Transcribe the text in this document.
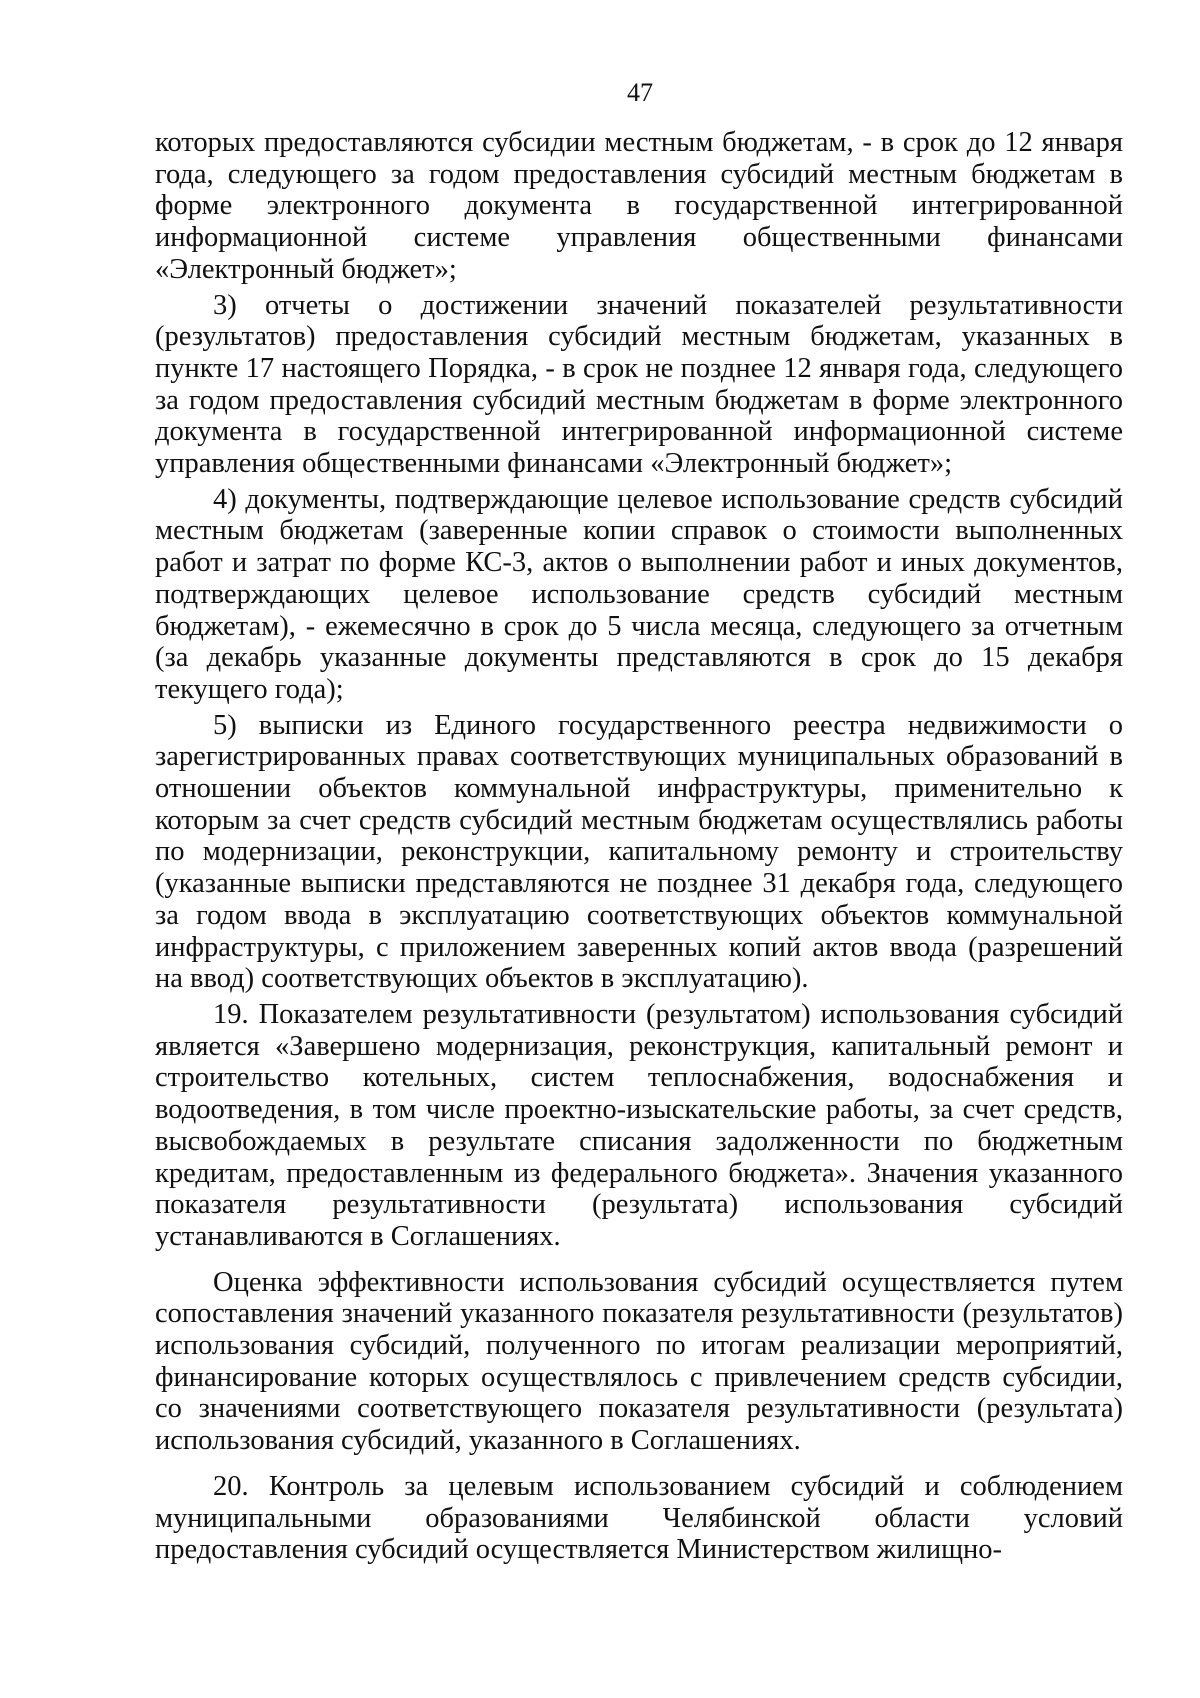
47

которых предоставляются субсидии местным бюджетам, - в срок до 12 января года, следующего за годом предоставления субсидий местным бюджетам в форме электронного документа в государственной интегрированной информационной системе управления общественными финансами «Электронный бюджет»;

3) отчеты о достижении значений показателей результативности (результатов) предоставления субсидий местным бюджетам, указанных в пункте 17 настоящего Порядка, - в срок не позднее 12 января года, следующего за годом предоставления субсидий местным бюджетам в форме электронного документа в государственной интегрированной информационной системе управления общественными финансами «Электронный бюджет»;

4) документы, подтверждающие целевое использование средств субсидий местным бюджетам (заверенные копии справок о стоимости выполненных работ и затрат по форме КС-3, актов о выполнении работ и иных документов, подтверждающих целевое использование средств субсидий местным бюджетам), - ежемесячно в срок до 5 числа месяца, следующего за отчетным (за декабрь указанные документы представляются в срок до 15 декабря текущего года);

5) выписки из Единого государственного реестра недвижимости о зарегистрированных правах соответствующих муниципальных образований в отношении объектов коммунальной инфраструктуры, применительно к которым за счет средств субсидий местным бюджетам осуществлялись работы по модернизации, реконструкции, капитальному ремонту и строительству (указанные выписки представляются не позднее 31 декабря года, следующего за годом ввода в эксплуатацию соответствующих объектов коммунальной инфраструктуры, с приложением заверенных копий актов ввода (разрешений на ввод) соответствующих объектов в эксплуатацию).

19. Показателем результативности (результатом) использования субсидий является «Завершено модернизация, реконструкция, капитальный ремонт и строительство котельных, систем теплоснабжения, водоснабжения и водоотведения, в том числе проектно-изыскательские работы, за счет средств, высвобождаемых в результате списания задолженности по бюджетным кредитам, предоставленным из федерального бюджета». Значения указанного показателя результативности (результата) использования субсидий устанавливаются в Соглашениях.

Оценка эффективности использования субсидий осуществляется путем сопоставления значений указанного показателя результативности (результатов) использования субсидий, полученного по итогам реализации мероприятий, финансирование которых осуществлялось с привлечением средств субсидии, со значениями соответствующего показателя результативности (результата) использования субсидий, указанного в Соглашениях.

20. Контроль за целевым использованием субсидий и соблюдением муниципальными образованиями Челябинской области условий предоставления субсидий осуществляется Министерством жилищно-
